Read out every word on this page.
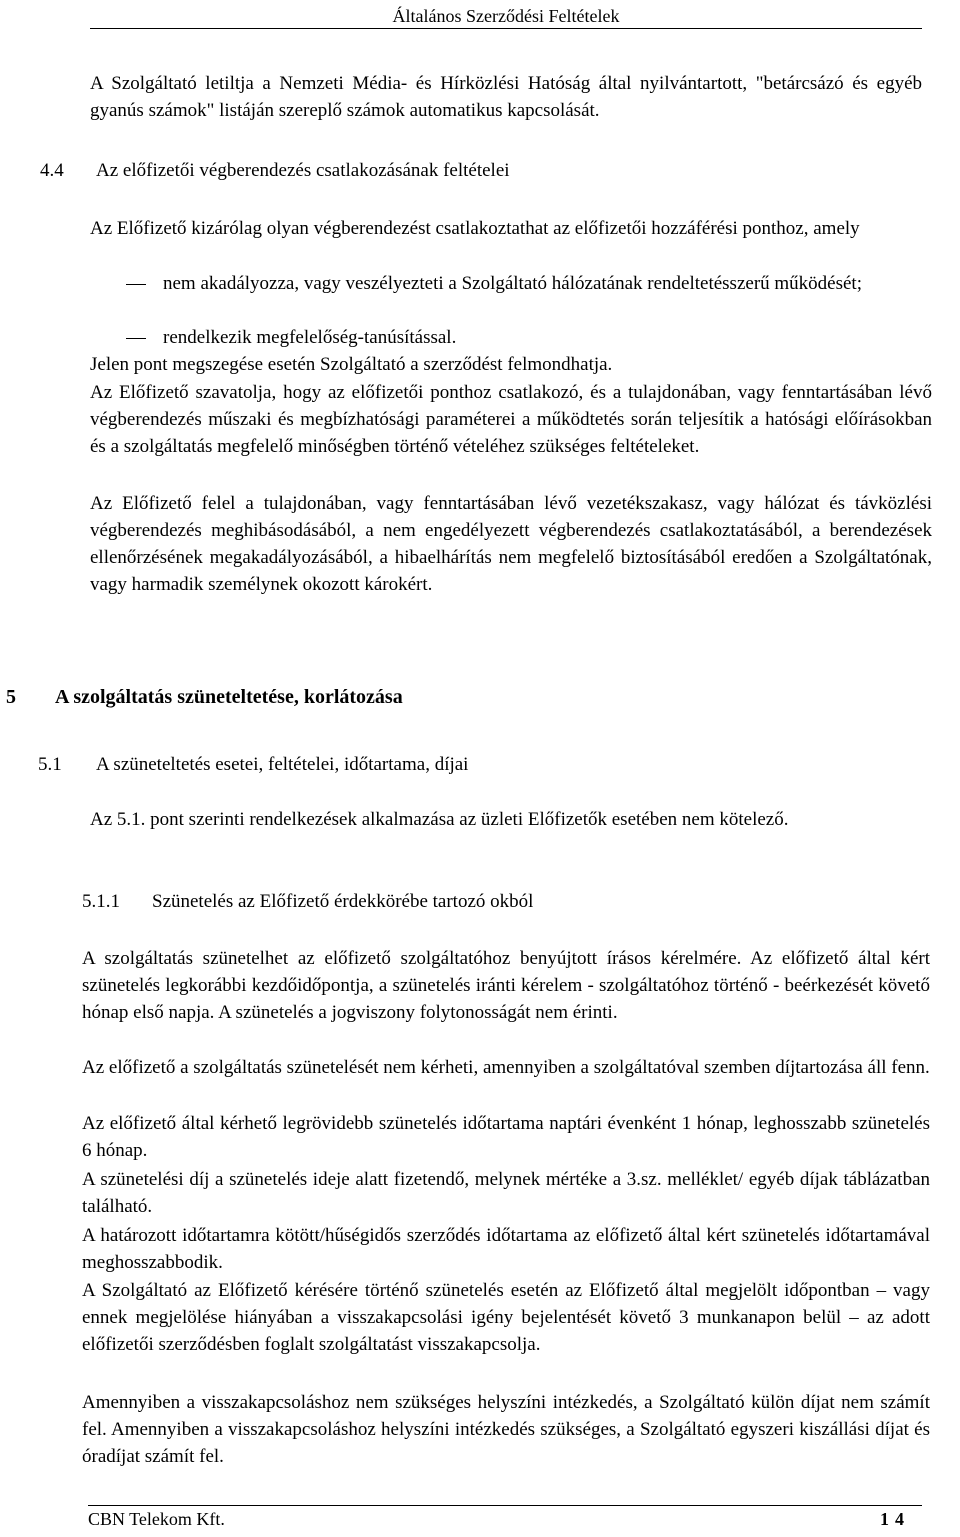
Általános Szerződési Feltételek

A Szolgáltató letiltja a Nemzeti Média- és Hírközlési Hatóság által nyilvántartott, "betárcsázó és egyéb gyanús számok" listáján szereplő számok automatikus kapcsolását.

4.4 Az előfizetői végberendezés csatlakozásának feltételei

Az Előfizető kizárólag olyan végberendezést csatlakoztathat az előfizetői hozzáférési ponthoz, amely

nem akadályozza, vagy veszélyezteti a Szolgáltató hálózatának rendeltetésszerű működését;

rendelkezik megfelelőség-tanúsítással.

Jelen pont megszegése esetén Szolgáltató a szerződést felmondhatja.

Az Előfizető szavatolja, hogy az előfizetői ponthoz csatlakozó, és a tulajdonában, vagy fenntartásában lévő végberendezés műszaki és megbízhatósági paraméterei a működtetés során teljesítik a hatósági előírásokban és a szolgáltatás megfelelő minőségben történő vételéhez szükséges feltételeket.

Az Előfizető felel a tulajdonában, vagy fenntartásában lévő vezetékszakasz, vagy hálózat és távközlési végberendezés meghibásodásából, a nem engedélyezett végberendezés csatlakoztatásából, a berendezések ellenőrzésének megakadályozásából, a hibaelhárítás nem megfelelő biztosításából eredően a Szolgáltatónak, vagy harmadik személynek okozott károkért.

5 A szolgáltatás szüneteltetése, korlátozása
5.1 A szüneteltetés esetei, feltételei, időtartama, díjai

Az 5.1. pont szerinti rendelkezések alkalmazása az üzleti Előfizetők esetében nem kötelező.

5.1.1 Szünetelés az Előfizető érdekkörébe tartozó okból

A szolgáltatás szünetelhet az előfizető szolgáltatóhoz benyújtott írásos kérelmére. Az előfizető által kért szünetelés legkorábbi kezdőidőpontja, a szünetelés iránti kérelem - szolgáltatóhoz történő - beérkezését követő hónap első napja. A szünetelés a jogviszony folytonosságát nem érinti.

Az előfizető a szolgáltatás szünetelését nem kérheti, amennyiben a szolgáltatóval szemben díjtartozása áll fenn.

Az előfizető által kérhető legrövidebb szünetelés időtartama naptári évenként 1 hónap, leghosszabb szünetelés 6 hónap.

A szünetelési díj a szünetelés ideje alatt fizetendő, melynek mértéke a 3.sz. melléklet/ egyéb díjak táblázatban található.

A határozott időtartamra kötött/hűségidős szerződés időtartama az előfizető által kért szünetelés időtartamával meghosszabbodik.

A Szolgáltató az Előfizető kérésére történő szünetelés esetén az Előfizető által megjelölt időpontban – vagy ennek megjelölése hiányában a visszakapcsolási igény bejelentését követő 3 munkanapon belül – az adott előfizetői szerződésben foglalt szolgáltatást visszakapcsolja.

Amennyiben a visszakapcsoláshoz nem szükséges helyszíni intézkedés, a Szolgáltató külön díjat nem számít fel. Amennyiben a visszakapcsoláshoz helyszíni intézkedés szükséges, a Szolgáltató egyszeri kiszállási díjat és óradíjat számít fel.

CBN Telekom Kft.	14
